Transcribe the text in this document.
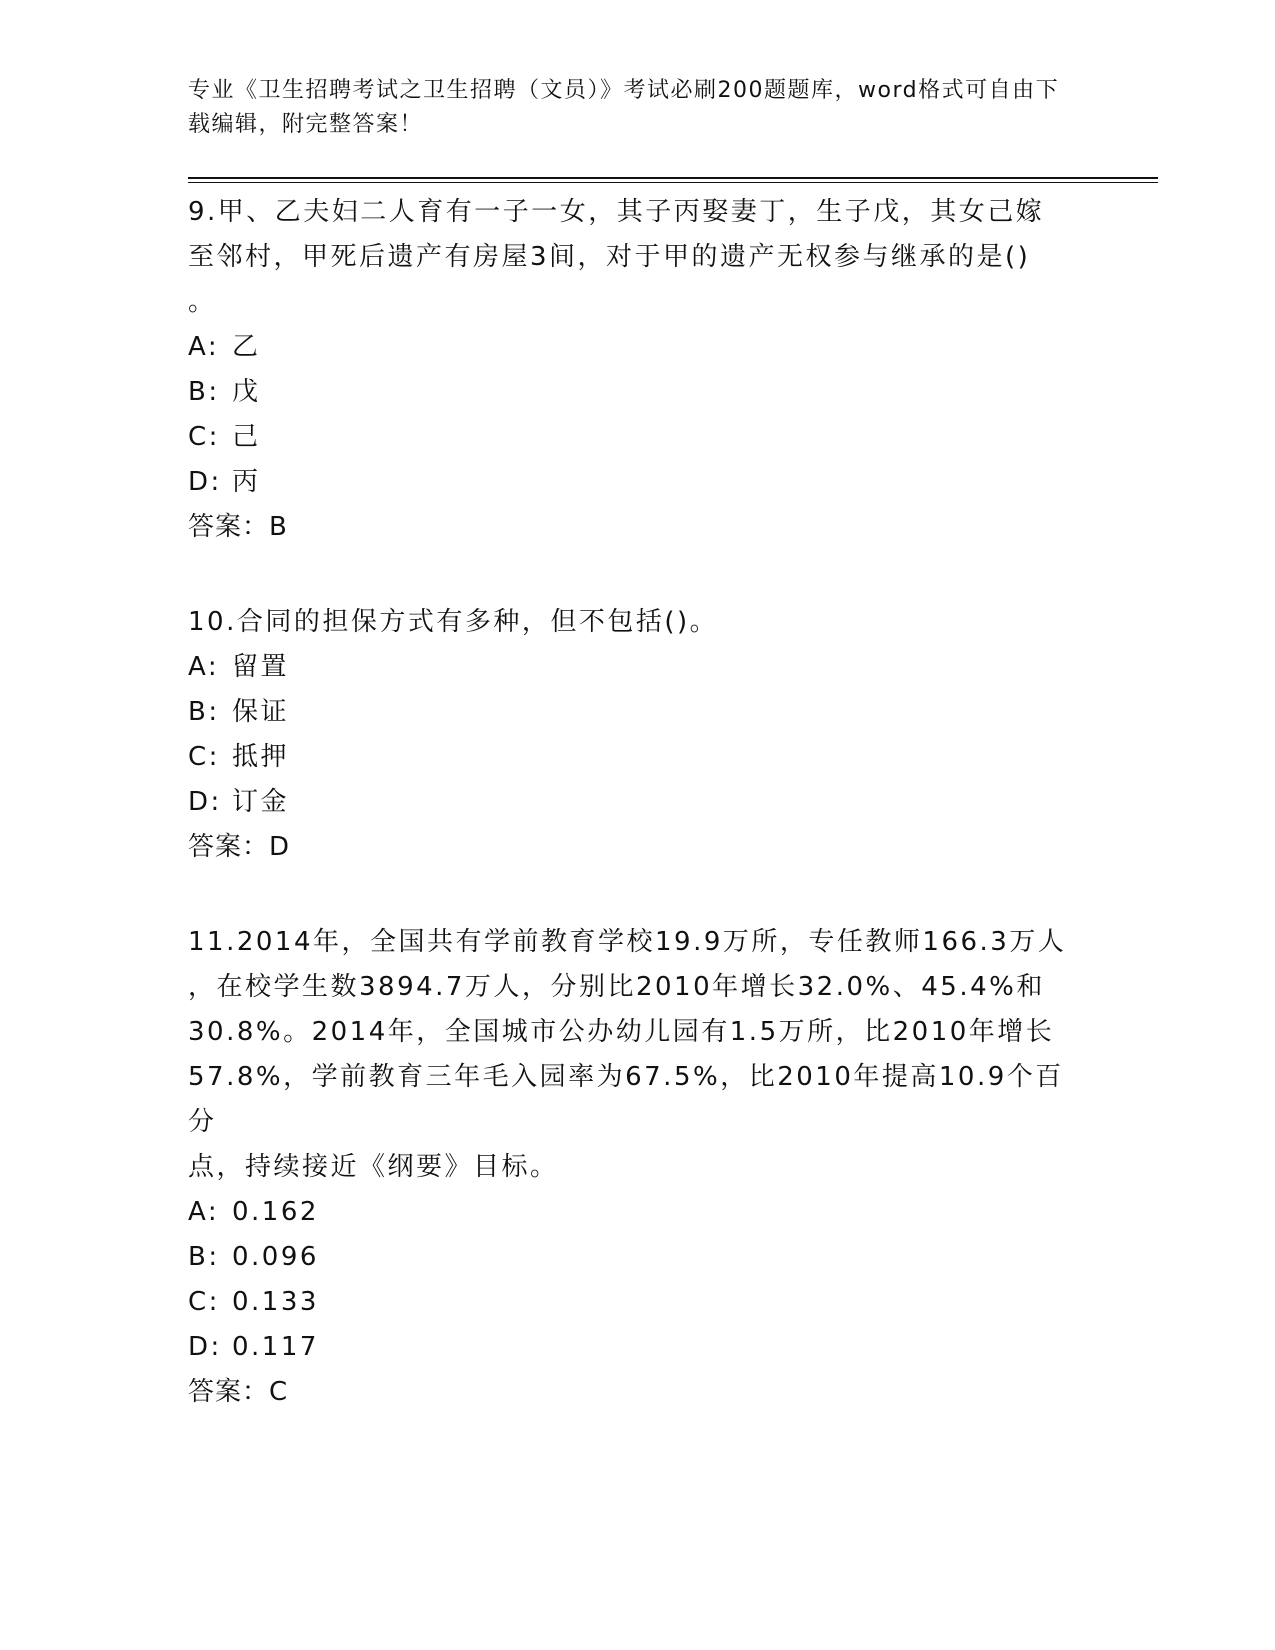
专业《卫生招聘考试之卫生招聘（文员）》考试必刷200题题库，word格式可自由下载编辑，附完整答案！
9.甲、乙夫妇二人育有一子一女，其子丙娶妻丁，生子戊，其女己嫁
至邻村，甲死后遗产有房屋3间，对于甲的遗产无权参与继承的是()
。
A: 乙
B: 戊
C: 己
D: 丙
答案：B
10.合同的担保方式有多种，但不包括()。
A: 留置
B: 保证
C: 抵押
D: 订金
答案：D
11.2014年，全国共有学前教育学校19.9万所，专任教师166.3万人
，在校学生数3894.7万人，分别比2010年增长32.0%、45.4%和
30.8%。2014年，全国城市公办幼儿园有1.5万所，比2010年增长
57.8%，学前教育三年毛入园率为67.5%，比2010年提高10.9个百分
点，持续接近《纲要》目标。
A: 0.162
B: 0.096
C: 0.133
D: 0.117
答案：C
